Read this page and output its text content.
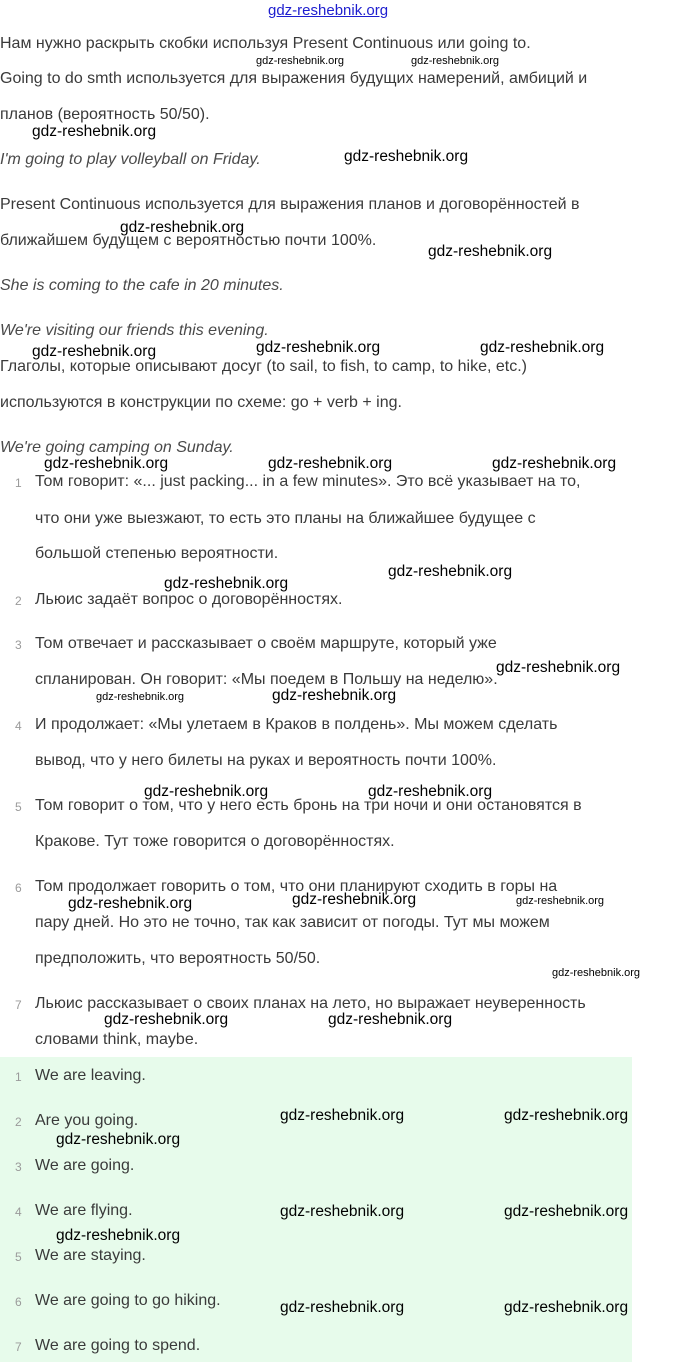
gdz-reshebnik.org
Нам нужно раскрыть скобки используя Present Continuous или going to.
Going to do smth используется для выражения будущих намерений, амбиций и
планов (вероятность 50/50).
I'm going to play volleyball on Friday.
Present Continuous используется для выражения планов и договорённостей в
ближайшем будущем с вероятностью почти 100%.
She is coming to the cafe in 20 minutes.
We're visiting our friends this evening.
Глаголы, которые описывают досуг (to sail, to fish, to camp, to hike, etc.)
используются в конструкции по схеме: go + verb + ing.
We're going camping on Sunday.
1 Том говорит: «... just packing... in a few minutes». Это всё указывает на то,
что они уже выезжают, то есть это планы на ближайшее будущее с
большой степенью вероятности.
2 Льюис задаёт вопрос о договорённостях.
3 Том отвечает и рассказывает о своём маршруте, который уже
спланирован. Он говорит: «Мы поедем в Польшу на неделю».
4 И продолжает: «Мы улетаем в Краков в полдень». Мы можем сделать
вывод, что у него билеты на руках и вероятность почти 100%.
5 Том говорит о том, что у него есть бронь на три ночи и они остановятся в
Кракове. Тут тоже говорится о договорённостях.
6 Том продолжает говорить о том, что они планируют сходить в горы на
пару дней. Но это не точно, так как зависит от погоды. Тут мы можем
предположить, что вероятность 50/50.
7 Льюис рассказывает о своих планах на лето, но выражает неуверенность
словами think, maybe.
1 We are leaving.
2 Are you going.
3 We are going.
4 We are flying.
5 We are staying.
6 We are going to go hiking.
7 We are going to spend.
gdz-reshebnik.org	gdz-reshebnik.org
gdz-reshebnik.org
gdz-reshebnik.org
gdz-reshebnik.org
gdz-reshebnik.org
gdz-reshebnik.org	gdz-reshebnik.org	gdz-reshebnik.org
gdz-reshebnik.org	gdz-reshebnik.org	gdz-reshebnik.org
gdz-reshebnik.org
gdz-reshebnik.org
gdz-reshebnik.org
gdz-reshebnik.org	gdz-reshebnik.org
gdz-reshebnik.org	gdz-reshebnik.org
gdz-reshebnik.org	gdz-reshebnik.org	gdz-reshebnik.org
gdz-reshebnik.org
gdz-reshebnik.org	gdz-reshebnik.org
gdz-reshebnik.org	gdz-reshebnik.org
gdz-reshebnik.org
gdz-reshebnik.org	gdz-reshebnik.org
gdz-reshebnik.org
gdz-reshebnik.org	gdz-reshebnik.org
